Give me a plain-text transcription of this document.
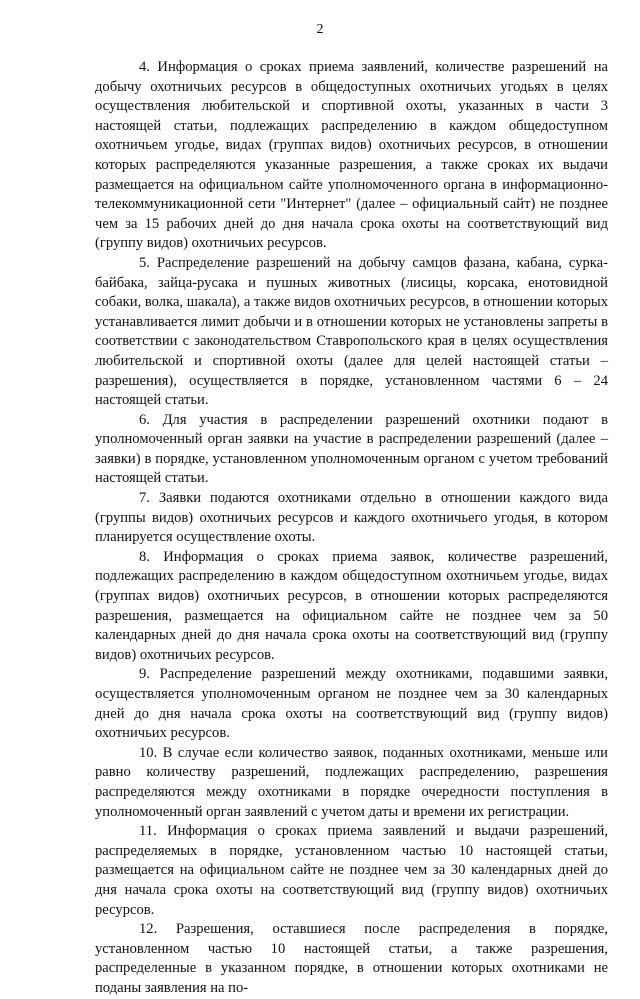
2

4. Информация о сроках приема заявлений, количестве разрешений на добычу охотничьих ресурсов в общедоступных охотничьих угодьях в целях осуществления любительской и спортивной охоты, указанных в части 3 настоящей статьи, подлежащих распределению в каждом общедоступном охотничьем угодье, видах (группах видов) охотничьих ресурсов, в отношении которых распределяются указанные разрешения, а также сроках их выдачи размещается на официальном сайте уполномоченного органа в информационно-телекоммуникационной сети "Интернет" (далее – официальный сайт) не позднее чем за 15 рабочих дней до дня начала срока охоты на соответствующий вид (группу видов) охотничьих ресурсов.

5. Распределение разрешений на добычу самцов фазана, кабана, сурка-байбака, зайца-русака и пушных животных (лисицы, корсака, енотовидной собаки, волка, шакала), а также видов охотничьих ресурсов, в отношении которых устанавливается лимит добычи и в отношении которых не установлены запреты в соответствии с законодательством Ставропольского края в целях осуществления любительской и спортивной охоты (далее для целей настоящей статьи – разрешения), осуществляется в порядке, установленном частями 6 – 24 настоящей статьи.

6. Для участия в распределении разрешений охотники подают в уполномоченный орган заявки на участие в распределении разрешений (далее – заявки) в порядке, установленном уполномоченным органом с учетом требований настоящей статьи.

7. Заявки подаются охотниками отдельно в отношении каждого вида (группы видов) охотничьих ресурсов и каждого охотничьего угодья, в котором планируется осуществление охоты.

8. Информация о сроках приема заявок, количестве разрешений, подлежащих распределению в каждом общедоступном охотничьем угодье, видах (группах видов) охотничьих ресурсов, в отношении которых распределяются разрешения, размещается на официальном сайте не позднее чем за 50 календарных дней до дня начала срока охоты на соответствующий вид (группу видов) охотничьих ресурсов.

9. Распределение разрешений между охотниками, подавшими заявки, осуществляется уполномоченным органом не позднее чем за 30 календарных дней до дня начала срока охоты на соответствующий вид (группу видов) охотничьих ресурсов.

10. В случае если количество заявок, поданных охотниками, меньше или равно количеству разрешений, подлежащих распределению, разрешения распределяются между охотниками в порядке очередности поступления в уполномоченный орган заявлений с учетом даты и времени их регистрации.

11. Информация о сроках приема заявлений и выдачи разрешений, распределяемых в порядке, установленном частью 10 настоящей статьи, размещается на официальном сайте не позднее чем за 30 календарных дней до дня начала срока охоты на соответствующий вид (группу видов) охотничьих ресурсов.

12. Разрешения, оставшиеся после распределения в порядке, установленном частью 10 настоящей статьи, а также разрешения, распределенные в указанном порядке, в отношении которых охотниками не поданы заявления на по-
